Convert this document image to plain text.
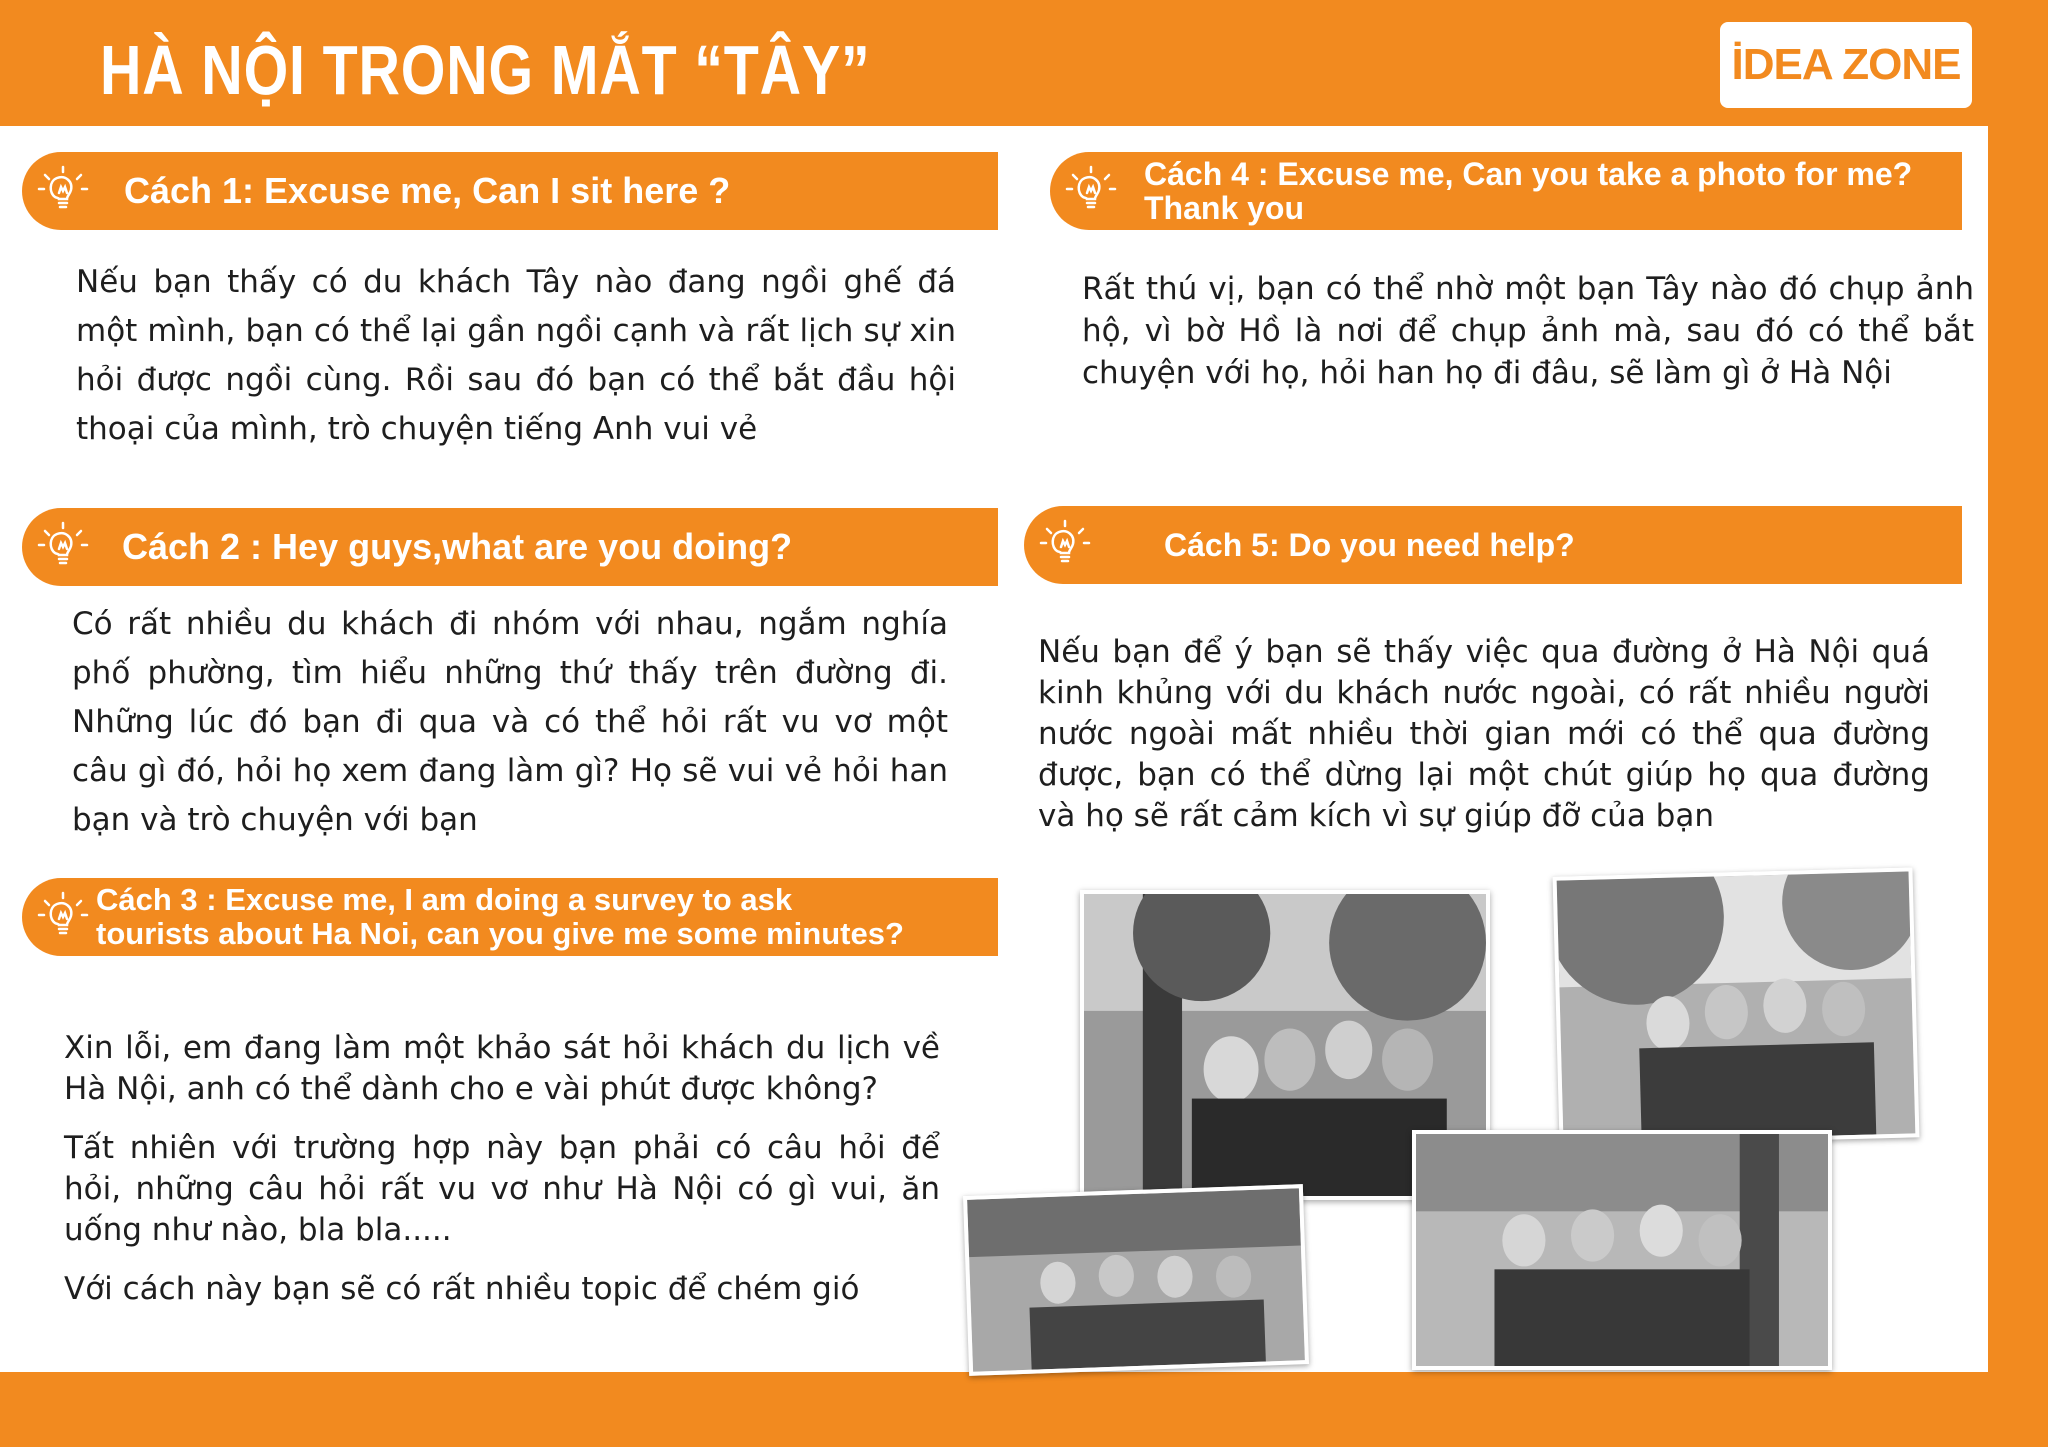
HÀ NỘI TRONG MẮT “TÂY”	İDEA ZONE
Cách 1: Excuse me, Can I sit here ?

Nếu bạn thấy có du khách Tây nào đang ngồi ghế đá một mình, bạn có thể lại gần ngồi cạnh và rất lịch sự xin hỏi được ngồi cùng. Rồi sau đó bạn có thể bắt đầu hội thoại của mình, trò chuyện tiếng Anh vui vẻ

Cách 4 : Excuse me, Can you take a photo for me?
Thank you

Rất thú vị, bạn có thể nhờ một bạn Tây nào đó chụp ảnh hộ, vì bờ Hồ là nơi để chụp ảnh mà, sau đó có thể bắt chuyện với họ, hỏi han họ đi đâu, sẽ làm gì ở Hà Nội

Cách 2 : Hey guys,what are you doing?

Có rất nhiều du khách đi nhóm với nhau, ngắm nghía phố phường, tìm hiểu những thứ thấy trên đường đi. Những lúc đó bạn đi qua và có thể hỏi rất vu vơ một câu gì đó, hỏi họ xem đang làm gì? Họ sẽ vui vẻ hỏi han bạn và trò chuyện với bạn

Cách 5: Do you need help?

Nếu bạn để ý bạn sẽ thấy việc qua đường ở Hà Nội quá kinh khủng với du khách nước ngoài, có rất nhiều người nước ngoài mất nhiều thời gian mới có thể qua đường được, bạn có thể dừng lại một chút giúp họ qua đường và họ sẽ rất cảm kích vì sự giúp đỡ của bạn

Cách 3 : Excuse me, I am doing a survey to ask
tourists about Ha Noi, can you give me some minutes?

Xin lỗi, em đang làm một khảo sát hỏi khách du lịch về Hà Nội, anh có thể dành cho e vài phút được không?

Tất nhiên với trường hợp này bạn phải có câu hỏi để hỏi, những câu hỏi rất vu vơ như Hà Nội có gì vui, ăn uống như nào, bla bla.....

Với cách này bạn sẽ có rất nhiều topic để chém gió
